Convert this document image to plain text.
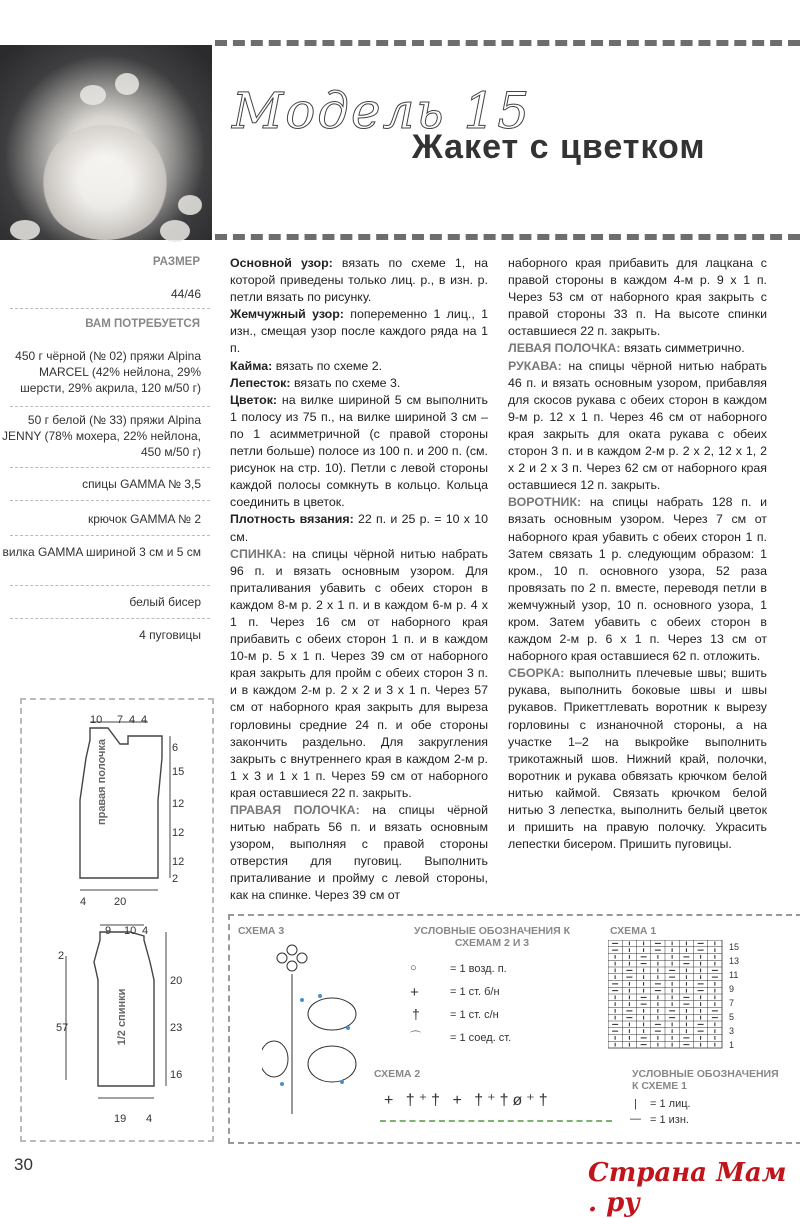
Модель 15
Жакет с цветком
РАЗМЕР
44/46
ВАМ ПОТРЕБУЕТСЯ
450 г чёрной (№ 02) пряжи Alpina MARCEL (42% нейлона, 29% шерсти, 29% акрила, 120 м/50 г)
50 г белой (№ 33) пряжи Alpina JENNY (78% мохера, 22% нейлона, 450 м/50 г)
спицы GAMMA № 3,5
крючок GAMMA № 2
вилка GAMMA шириной 3 см и 5 см
белый бисер
4 пуговицы
10 7 4 4
6
15
12
12
12
2
4	20
правая полочка
9 10 4
2
57
20
23
16
19 4
1/2 спинки

Основной узор: вязать по схеме 1, на которой приведены только лиц. р., в изн. р. петли вязать по рисунку.

Жемчужный узор: попеременно 1 лиц., 1 изн., смещая узор после каждого ряда на 1 п.

Кайма: вязать по схеме 2.

Лепесток: вязать по схеме 3.

Цветок: на вилке шириной 5 см выполнить 1 полосу из 75 п., на вилке шириной 3 см – по 1 асимметричной (с правой стороны петли больше) полосе из 100 п. и 200 п. (см. рисунок на стр. 10). Петли с левой стороны каждой полосы сомкнуть в кольцо. Кольца соединить в цветок.

Плотность вязания: 22 п. и 25 р. = 10 х 10 см.

СПИНКА: на спицы чёрной нитью набрать 96 п. и вязать основным узором. Для приталивания убавить с обеих сторон в каждом 8-м р. 2 х 1 п. и в каждом 6-м р. 4 х 1 п. Через 16 см от наборного края прибавить с обеих сторон 1 п. и в каждом 10-м р. 5 х 1 п. Через 39 см от наборного края закрыть для пройм с обеих сторон 3 п. и в каждом 2-м р. 2 х 2 и 3 х 1 п. Через 57 см от наборного края закрыть для выреза горловины средние 24 п. и обе стороны закончить раздельно. Для закругления закрыть с внутреннего края в каждом 2-м р. 1 х 3 и 1 х 1 п. Через 59 см от наборного края оставшиеся 22 п. закрыть.

ПРАВАЯ ПОЛОЧКА: на спицы чёрной нитью набрать 56 п. и вязать основным узором, выполняя с правой стороны отверстия для пуговиц. Выполнить приталивание и пройму с левой стороны, как на спинке. Через 39 см от

наборного края прибавить для лацкана с правой стороны в каждом 4-м р. 9 х 1 п. Через 53 см от наборного края закрыть с правой стороны 33 п. На высоте спинки оставшиеся 22 п. закрыть.

ЛЕВАЯ ПОЛОЧКА: вязать симметрично.

РУКАВА: на спицы чёрной нитью набрать 46 п. и вязать основным узором, прибавляя для скосов рукава с обеих сторон в каждом 9-м р. 12 х 1 п. Через 46 см от наборного края закрыть для оката рукава с обеих сторон 3 п. и в каждом 2-м р. 2 х 2, 12 х 1, 2 х 2 и 2 х 3 п. Через 62 см от наборного края оставшиеся 12 п. закрыть.

ВОРОТНИК: на спицы набрать 128 п. и вязать основным узором. Через 7 см от наборного края убавить с обеих сторон 1 п. Затем связать 1 р. следующим образом: 1 кром., 10 п. основного узора, 52 раза провязать по 2 п. вместе, переводя петли в жемчужный узор, 10 п. основного узора, 1 кром. Затем убавить с обеих сторон в каждом 2-м р. 6 х 1 п. Через 13 см от наборного края оставшиеся 62 п. отложить.

СБОРКА: выполнить плечевые швы; вшить рукава, выполнить боковые швы и швы рукавов. Прикеттлевать воротник к вырезу горловины с изнаночной стороны, а на участке 1–2 на выкройке выполнить трикотажный шов. Нижний край, полочки, воротник и рукава обвязать крючком белой нитью каймой. Связать крючком белой нитью 3 лепестка, выполнить белый цветок и пришить на правую полочку. Украсить лепестки бисером. Пришить пуговицы.

СХЕМА 3	УСЛОВНЫЕ ОБОЗНАЧЕНИЯ К СХЕМАМ 2 И 3
○	= 1 возд. п.
+	= 1 ст. б/н
†	= 1 ст. с/н
⌒	= 1 соед. ст.
СХЕМА 2
+ †⁺† + †⁺†ø⁺†
СХЕМА 1
15
13
11
9
7
5
3
1
УСЛОВНЫЕ ОБОЗНАЧЕНИЯ К СХЕМЕ 1
| = 1 лиц.
— = 1 изн.
30	Страна Мам . ру
